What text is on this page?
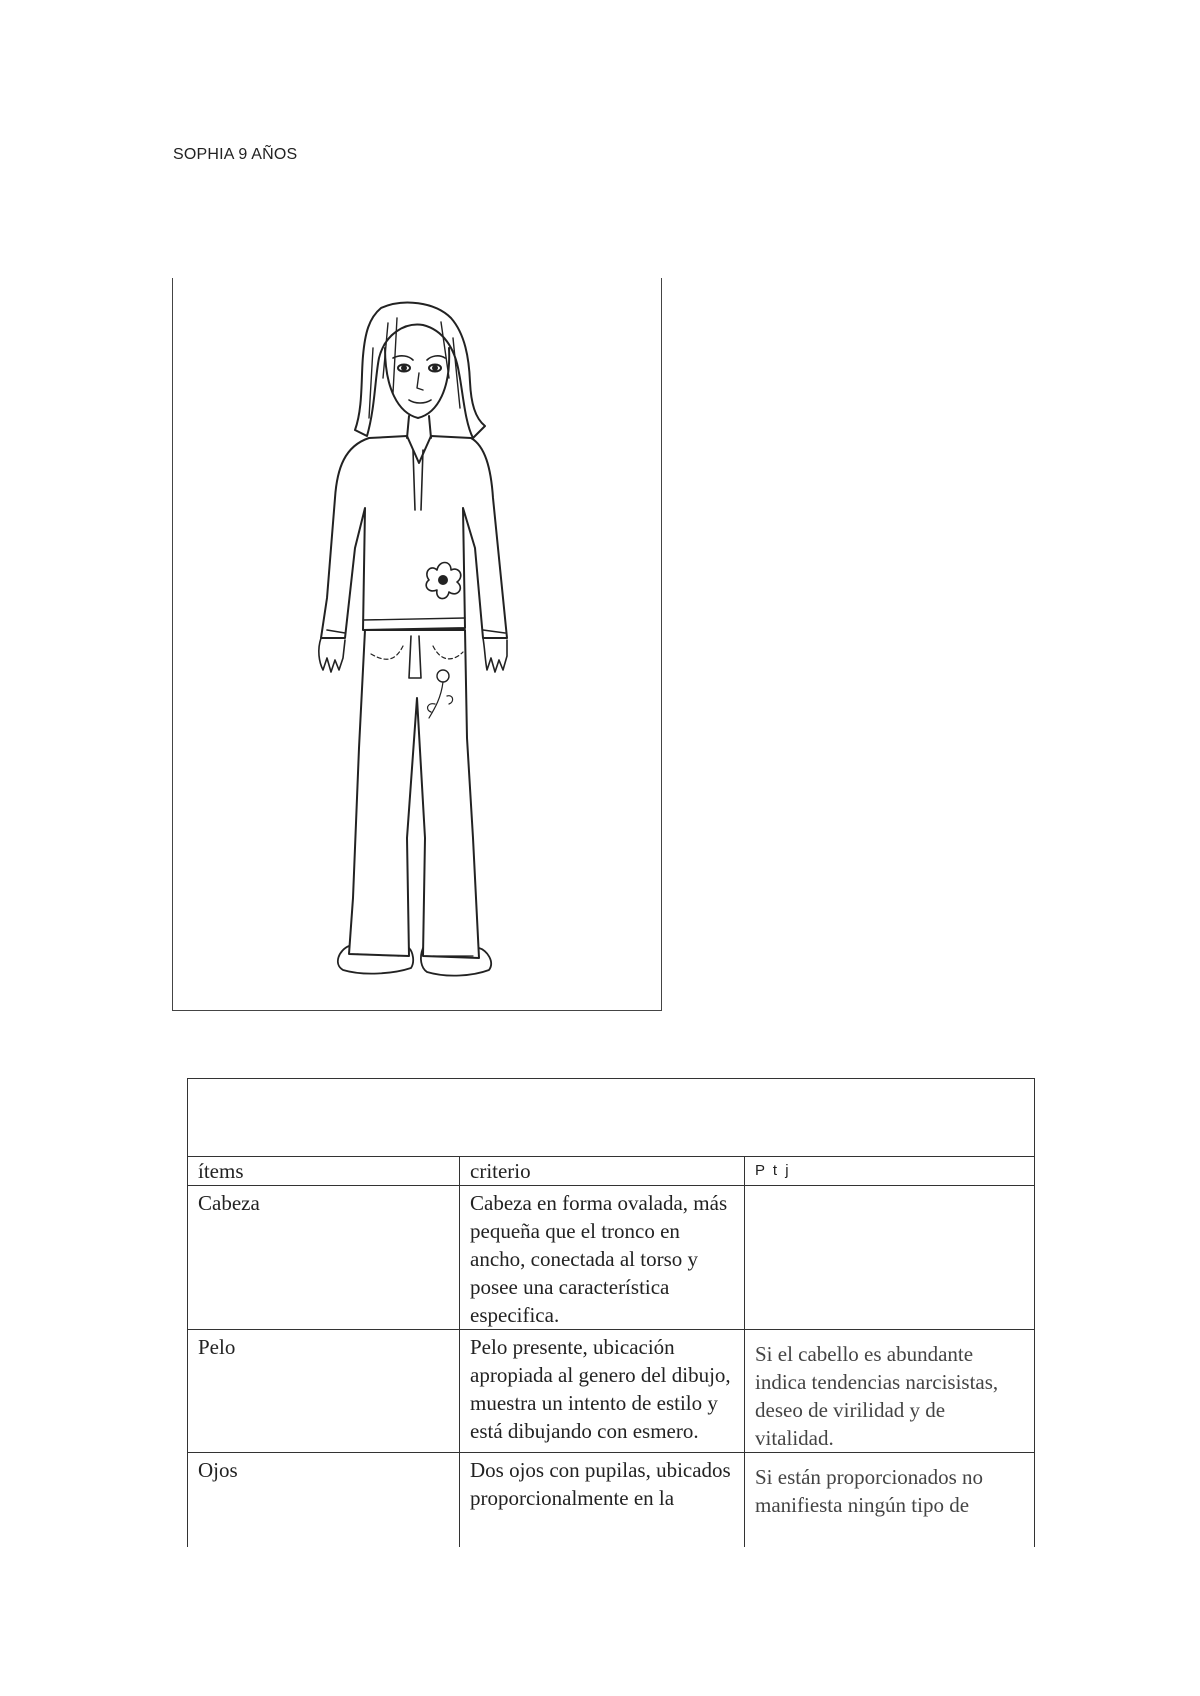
SOPHIA 9 AÑOS

ítems	criterio	P t j
Cabeza	Cabeza en forma ovalada, más pequeña que el tronco en ancho, conectada al torso y posee una característica especifica.	
Pelo	Pelo presente, ubicación apropiada al genero del dibujo, muestra un intento de estilo y está dibujando con esmero.	Si el cabello es abundante indica tendencias narcisistas, deseo de virilidad y de vitalidad.

Ojos	Dos ojos con pupilas, ubicados proporcionalmente en la	Si están proporcionados no manifiesta ningún tipo de
